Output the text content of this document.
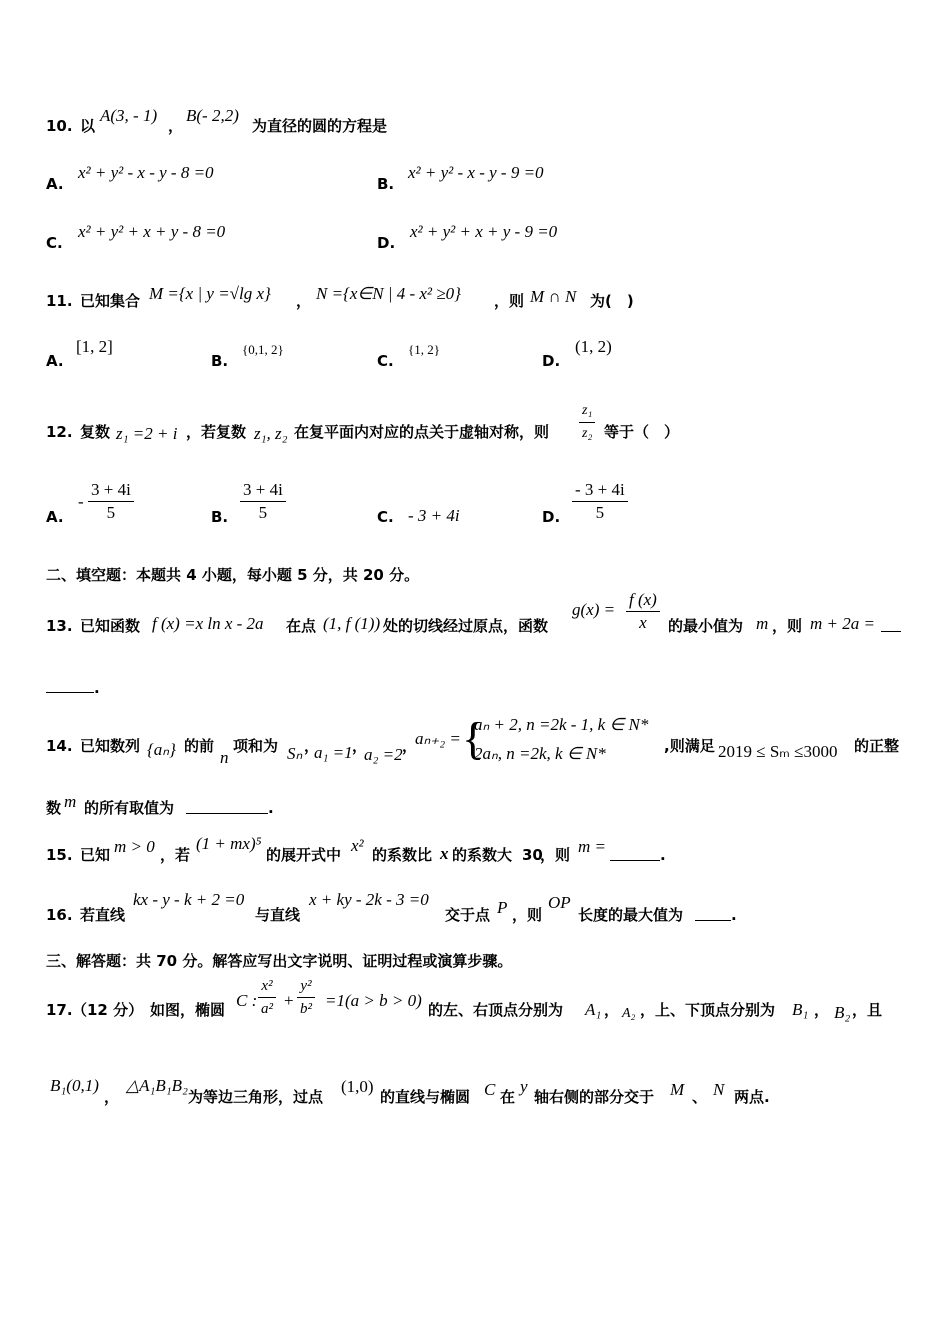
10. 以
A(3, - 1)
，
B(- 2,2)
为直径的圆的方程是
A.
x² + y² - x - y - 8 =0
B.
x² + y² - x - y - 9 =0
C.
x² + y² + x + y - 8 =0
D.
x² + y² + x + y - 9 =0
11. 已知集合 M ={x | y =√lg x} ， N ={x∈N | 4 - x² ≥0} ，则 M ∩ N 为(　)
A.
[1, 2]
B.
{0,1, 2}
C.
{1, 2}
D.
(1, 2)
12. 复数 z₁ =2 + i ，若复数 z₁, z₂ 在复平面内对应的点关于虚轴对称，则 $\frac{\text{z₁}}{\text{z₂}}$ 等于（　）
A.
- $\frac{3 + 4i}{5}$	B. $\frac{3 + 4i}{5}$	C. - 3 + 4i	D. $\frac{- 3 + 4i}{5}$
二、填空题：本题共 4 小题，每小题 5 分，共 20 分。
13. 已知函数 f (x) =x ln x - 2a 在点 (1, f (1)) 处的切线经过原点，函数
$g(x) = \frac{f (x)}{x}$ 的最小值为 m ，则 m + 2a =
.
14. 已知数列 {aₙ} 的前
n
项和为 Sₙ ，
a₁ =1 ，
a₂ =2 ，
aₙ₊₂ = {
aₙ + 2, n =2k - 1, k ∈ N*
2aₙ, n =2k, k ∈ N*	,则满足 2019 ≤ Sₘ ≤3000 的正整
数 m 的所有取值为	.
15. 已知 m > 0 ，若
(1 + mx)⁵
的展开式中 x² 的系数比 x 的系数大 30
，则 m =	.
16. 若直线
kx - y - k + 2 =0
与直线
x + ky - 2k - 3 =0
交于点 P ，则
OP
长度的最大值为	.
三、解答题：共 70 分。解答应写出文字说明、证明过程或演算步骤。
17. （12 分） 如图，椭圆 C : $\frac{\text{x²}}{\text{a²}} + \frac{\text{y²}}{\text{b²}} =1(a > b > 0)$ 的左、右顶点分别为 A₁ ， A₂ ，上、下顶点分别为 B₁ ， B₂ ，且
B₁(0,1)
，
△A₁B₁B₂
为等边三角形，过点
(1,0)
的直线与椭圆 C 在
y
轴右侧的部分交于 M 、 N 两点.
